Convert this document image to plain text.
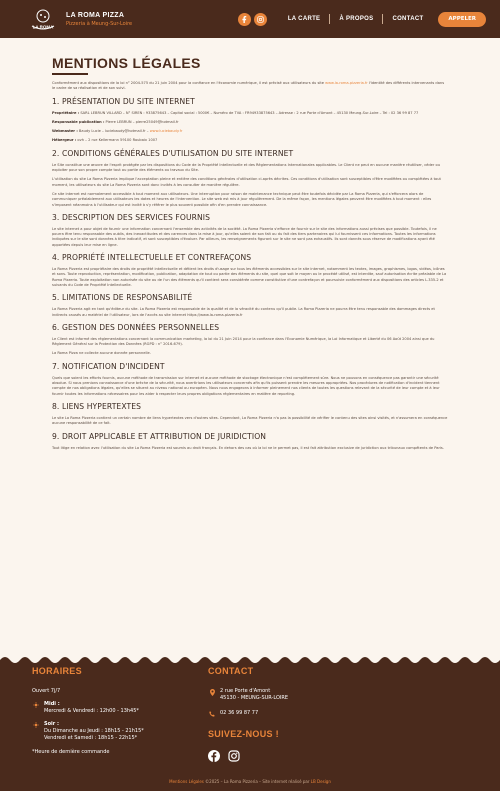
LA ROMA
LA ROMA PIZZA
Pizzeria à Meung-Sur-Loire
LA CARTE	À PROPOS	CONTACT	APPELER
MENTIONS LÉGALES

Conformément aux dispositions de la loi n° 2004-575 du 21 juin 2004 pour la confiance en l'économie numérique, il est précisé aux utilisateurs du site www.la-roma-pizzeria.fr l'identité des différents intervenants dans le cadre de sa réalisation et de son suivi.

1. PRÉSENTATION DU SITE INTERNET

Propriétaire : SARL LEBRUN VILLARD – N° SIREN : 933875643 – Capital social : 5000€ – Numéro de TVA : FR94933875643 – Adresse : 2 rue Porte d'Amont – 45130 Meung-Sur-Loire – Tel : 02 36 99 87 77

Responsable publication : Pierre LEBRUN – pierre25049@hotmail.fr

Webmaster : Baudy Lucie – luciebaudy@hotmail.fr – www.luciebaudy.fr

Hébergeur : ovh – 2 rue Kellermann 59100 Roubaix 1007

2. CONDITIONS GÉNÉRALES D'UTILISATION DU SITE INTERNET

Le Site constitue une œuvre de l'esprit protégée par les dispositions du Code de la Propriété Intellectuelle et des Réglementations Internationales applicables. Le Client ne peut en aucune manière réutiliser, céder ou exploiter pour son propre compte tout ou partie des éléments ou travaux du Site.

L'utilisation du site La Roma Pizzeria implique l'acceptation pleine et entière des conditions générales d'utilisation ci-après décrites. Ces conditions d'utilisation sont susceptibles d'être modifiées ou complétées à tout moment, les utilisateurs du site La Roma Pizzeria sont donc invités à les consulter de manière régulière.

Ce site internet est normalement accessible à tout moment aux utilisateurs. Une interruption pour raison de maintenance technique peut être toutefois décidée par La Roma Pizzeria, qui s'efforcera alors de communiquer préalablement aux utilisateurs les dates et heures de l'intervention. Le site web est mis à jour régulièrement. De la même façon, les mentions légales peuvent être modifiées à tout moment : elles s'imposent néanmoins à l'utilisateur qui est invité à s'y référer le plus souvent possible afin d'en prendre connaissance.

3. DESCRIPTION DES SERVICES FOURNIS

Le site internet a pour objet de fournir une information concernant l'ensemble des activités de la société. La Roma Pizzeria s'efforce de fournir sur le site des informations aussi précises que possible. Toutefois, il ne pourra être tenu responsable des oublis, des inexactitudes et des carences dans la mise à jour, qu'elles soient de son fait ou du fait des tiers partenaires qui lui fournissent ces informations. Toutes les informations indiquées sur le site sont données à titre indicatif, et sont susceptibles d'évoluer. Par ailleurs, les renseignements figurant sur le site ne sont pas exhaustifs. Ils sont donnés sous réserve de modifications ayant été apportées depuis leur mise en ligne.

4. PROPRIÉTÉ INTELLECTUELLE ET CONTREFAÇONS

La Roma Pizzeria est propriétaire des droits de propriété intellectuelle et détient les droits d'usage sur tous les éléments accessibles sur le site internet, notamment les textes, images, graphismes, logos, vidéos, icônes et sons. Toute reproduction, représentation, modification, publication, adaptation de tout ou partie des éléments du site, quel que soit le moyen ou le procédé utilisé, est interdite, sauf autorisation écrite préalable de La Roma Pizzeria. Toute exploitation non autorisée du site ou de l'un des éléments qu'il contient sera considérée comme constitutive d'une contrefaçon et poursuivie conformément aux dispositions des articles L.335-2 et suivants du Code de Propriété Intellectuelle.

5. LIMITATIONS DE RESPONSABILITÉ

La Roma Pizzeria agit en tant qu'éditeur du site. La Roma Pizzeria est responsable de la qualité et de la véracité du contenu qu'il publie. La Roma Pizzeria ne pourra être tenu responsable des dommages directs et indirects causés au matériel de l'utilisateur, lors de l'accès au site internet https://www.la-roma-pizzeria.fr

6. GESTION DES DONNÉES PERSONNELLES

Le Client est informé des réglementations concernant la communication marketing, la loi du 21 Juin 2014 pour la confiance dans l'Economie Numérique, la Loi Informatique et Liberté du 06 Août 2004 ainsi que du Règlement Général sur la Protection des Données (RGPD : n° 2016-679).

La Roma Pizza ne collecte aucune donnée personnelle.

7. NOTIFICATION D'INCIDENT

Quels que soient les efforts fournis, aucune méthode de transmission sur internet et aucune méthode de stockage électronique n'est complètement sûre. Nous ne pouvons en conséquence pas garantir une sécurité absolue. Si nous prenions connaissance d'une brèche de la sécurité, nous avertirions les utilisateurs concernés afin qu'ils puissent prendre les mesures appropriées. Nos procédures de notification d'incident tiennent compte de nos obligations légales, qu'elles se situent au niveau national ou européen. Nous nous engageons à informer pleinement nos clients de toutes les questions relevant de la sécurité de leur compte et à leur fournir toutes les informations nécessaires pour les aider à respecter leurs propres obligations réglementaires en matière de reporting.

8. LIENS HYPERTEXTES

Le site La Roma Pizzeria contient un certain nombre de liens hypertextes vers d'autres sites. Cependant, La Roma Pizzeria n'a pas la possibilité de vérifier le contenu des sites ainsi visités, et n'assumera en conséquence aucune responsabilité de ce fait.

9. DROIT APPLICABLE ET ATTRIBUTION DE JURIDICTION

Tout litige en relation avec l'utilisation du site La Roma Pizzeria est soumis au droit français. En dehors des cas où la loi ne le permet pas, il est fait attribution exclusive de juridiction aux tribunaux compétents de Paris.

HORAIRES
Ouvert 7j/7
Midi :
Mercredi & Vendredi : 12h00 - 13h45*
Soir :
Du Dimanche au Jeudi : 18h15 - 21h15*
Vendredi et Samedi : 18h15 - 22h15*
*Heure de dernière commande
CONTACT
2 rue Porte d'Amont
45130 - MEUNG-SUR-LOIRE
02 36 99 87 77
SUIVEZ-NOUS !
Mentions Légales ©2025 – La Roma Pizzeria – Site internet réalisé par LB Design
